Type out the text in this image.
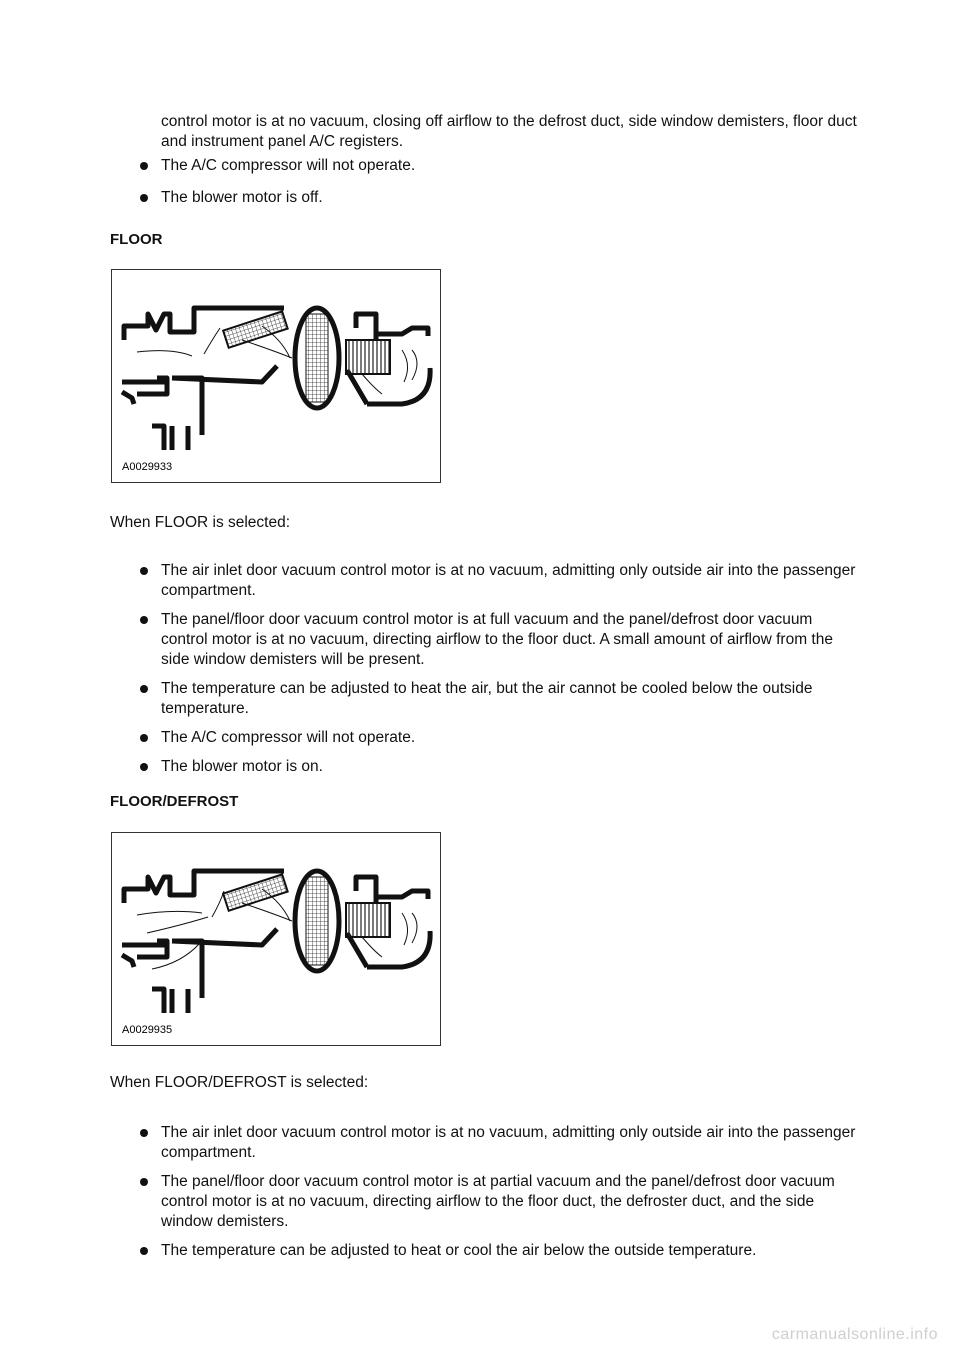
control motor is at no vacuum, closing off airflow to the defrost duct, side window demisters, floor duct and instrument panel A/C registers.
The A/C compressor will not operate.
The blower motor is off.
FLOOR
A0029933
When FLOOR is selected:
The air inlet door vacuum control motor is at no vacuum, admitting only outside air into the passenger compartment.
The panel/floor door vacuum control motor is at full vacuum and the panel/defrost door vacuum control motor is at no vacuum, directing airflow to the floor duct. A small amount of airflow from the side window demisters will be present.
The temperature can be adjusted to heat the air, but the air cannot be cooled below the outside temperature.
The A/C compressor will not operate.
The blower motor is on.
FLOOR/DEFROST
A0029935
When FLOOR/DEFROST is selected:
The air inlet door vacuum control motor is at no vacuum, admitting only outside air into the passenger compartment.
The panel/floor door vacuum control motor is at partial vacuum and the panel/defrost door vacuum control motor is at no vacuum, directing airflow to the floor duct, the defroster duct, and the side window demisters.
The temperature can be adjusted to heat or cool the air below the outside temperature.
carmanualsonline.info
